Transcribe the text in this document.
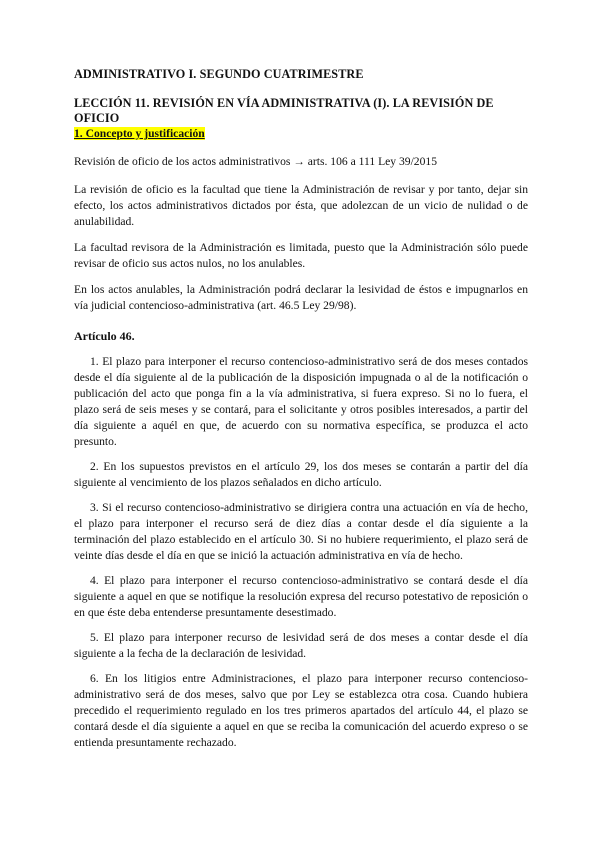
ADMINISTRATIVO I. SEGUNDO CUATRIMESTRE
LECCIÓN 11. REVISIÓN EN VÍA ADMINISTRATIVA (I). LA REVISIÓN DE OFICIO
1. Concepto y justificación

Revisión de oficio de los actos administrativos → arts. 106 a 111 Ley 39/2015

La revisión de oficio es la facultad que tiene la Administración de revisar y por tanto, dejar sin efecto, los actos administrativos dictados por ésta, que adolezcan de un vicio de nulidad o de anulabilidad.

La facultad revisora de la Administración es limitada, puesto que la Administración sólo puede revisar de oficio sus actos nulos, no los anulables.

En los actos anulables, la Administración podrá declarar la lesividad de éstos e impugnarlos en vía judicial contencioso-administrativa (art. 46.5 Ley 29/98).

Artículo 46.

1. El plazo para interponer el recurso contencioso-administrativo será de dos meses contados desde el día siguiente al de la publicación de la disposición impugnada o al de la notificación o publicación del acto que ponga fin a la vía administrativa, si fuera expreso. Si no lo fuera, el plazo será de seis meses y se contará, para el solicitante y otros posibles interesados, a partir del día siguiente a aquél en que, de acuerdo con su normativa específica, se produzca el acto presunto.

2. En los supuestos previstos en el artículo 29, los dos meses se contarán a partir del día siguiente al vencimiento de los plazos señalados en dicho artículo.

3. Si el recurso contencioso-administrativo se dirigiera contra una actuación en vía de hecho, el plazo para interponer el recurso será de diez días a contar desde el día siguiente a la terminación del plazo establecido en el artículo 30. Si no hubiere requerimiento, el plazo será de veinte días desde el día en que se inició la actuación administrativa en vía de hecho.

4. El plazo para interponer el recurso contencioso-administrativo se contará desde el día siguiente a aquel en que se notifique la resolución expresa del recurso potestativo de reposición o en que éste deba entenderse presuntamente desestimado.

5. El plazo para interponer recurso de lesividad será de dos meses a contar desde el día siguiente a la fecha de la declaración de lesividad.

6. En los litigios entre Administraciones, el plazo para interponer recurso contencioso-administrativo será de dos meses, salvo que por Ley se establezca otra cosa. Cuando hubiera precedido el requerimiento regulado en los tres primeros apartados del artículo 44, el plazo se contará desde el día siguiente a aquel en que se reciba la comunicación del acuerdo expreso o se entienda presuntamente rechazado.
